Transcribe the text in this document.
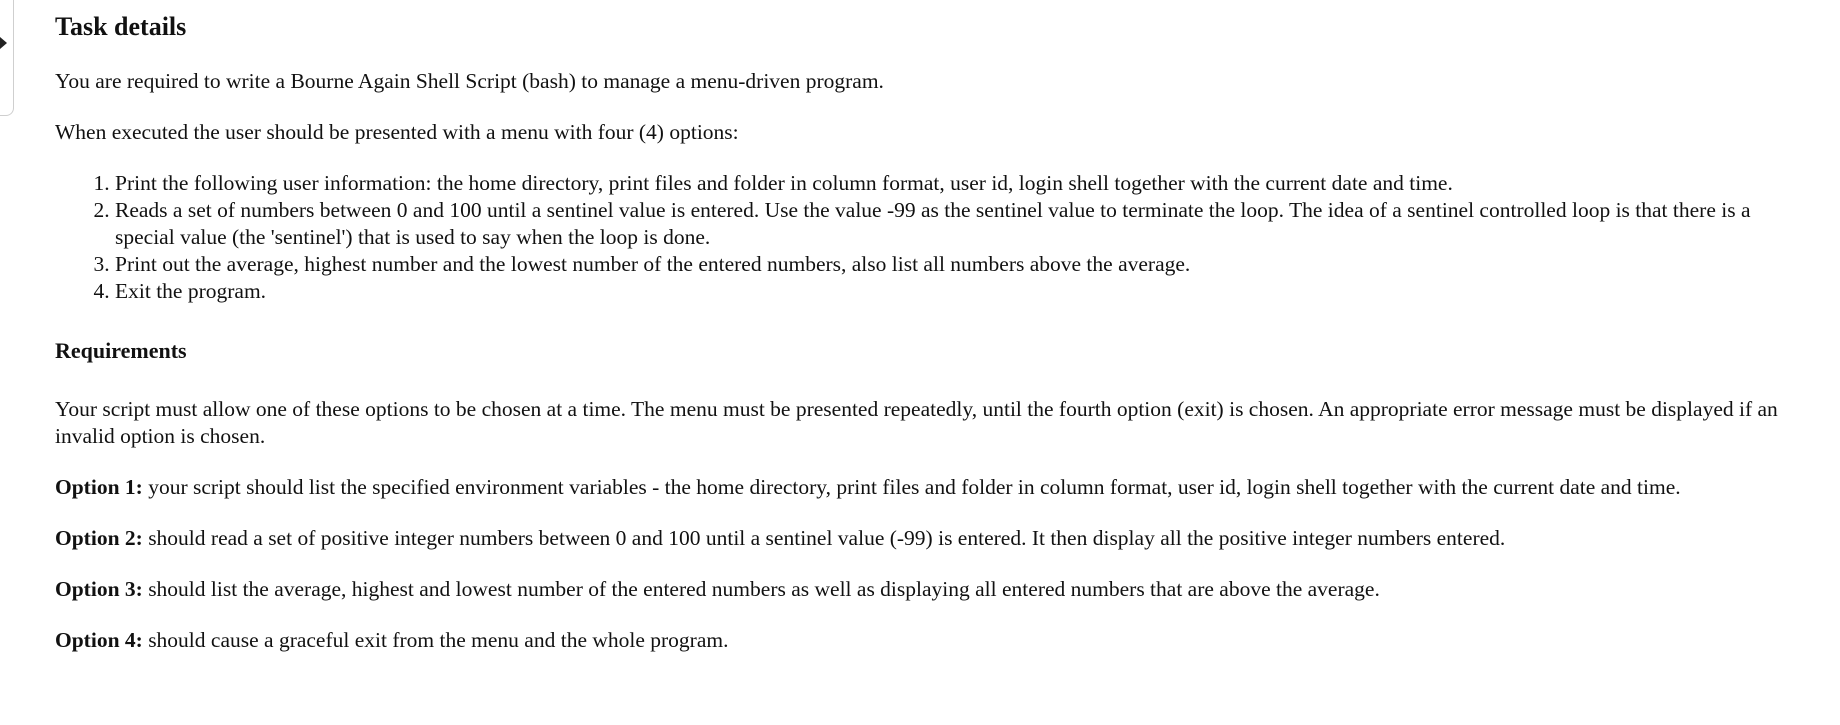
Task details

You are required to write a Bourne Again Shell Script (bash) to manage a menu-driven program.

When executed the user should be presented with a menu with four (4) options:

1. Print the following user information: the home directory, print files and folder in column format, user id, login shell together with the current date and time.
2. Reads a set of numbers between 0 and 100 until a sentinel value is entered. Use the value -99 as the sentinel value to terminate the loop. The idea of a sentinel controlled loop is that there is a special value (the 'sentinel') that is used to say when the loop is done.
3. Print out the average, highest number and the lowest number of the entered numbers, also list all numbers above the average.
4. Exit the program.

Requirements

Your script must allow one of these options to be chosen at a time. The menu must be presented repeatedly, until the fourth option (exit) is chosen. An appropriate error message must be displayed if an invalid option is chosen.

Option 1: your script should list the specified environment variables - the home directory, print files and folder in column format, user id, login shell together with the current date and time.

Option 2: should read a set of positive integer numbers between 0 and 100 until a sentinel value (-99) is entered. It then display all the positive integer numbers entered.

Option 3: should list the average, highest and lowest number of the entered numbers as well as displaying all entered numbers that are above the average.

Option 4: should cause a graceful exit from the menu and the whole program.
